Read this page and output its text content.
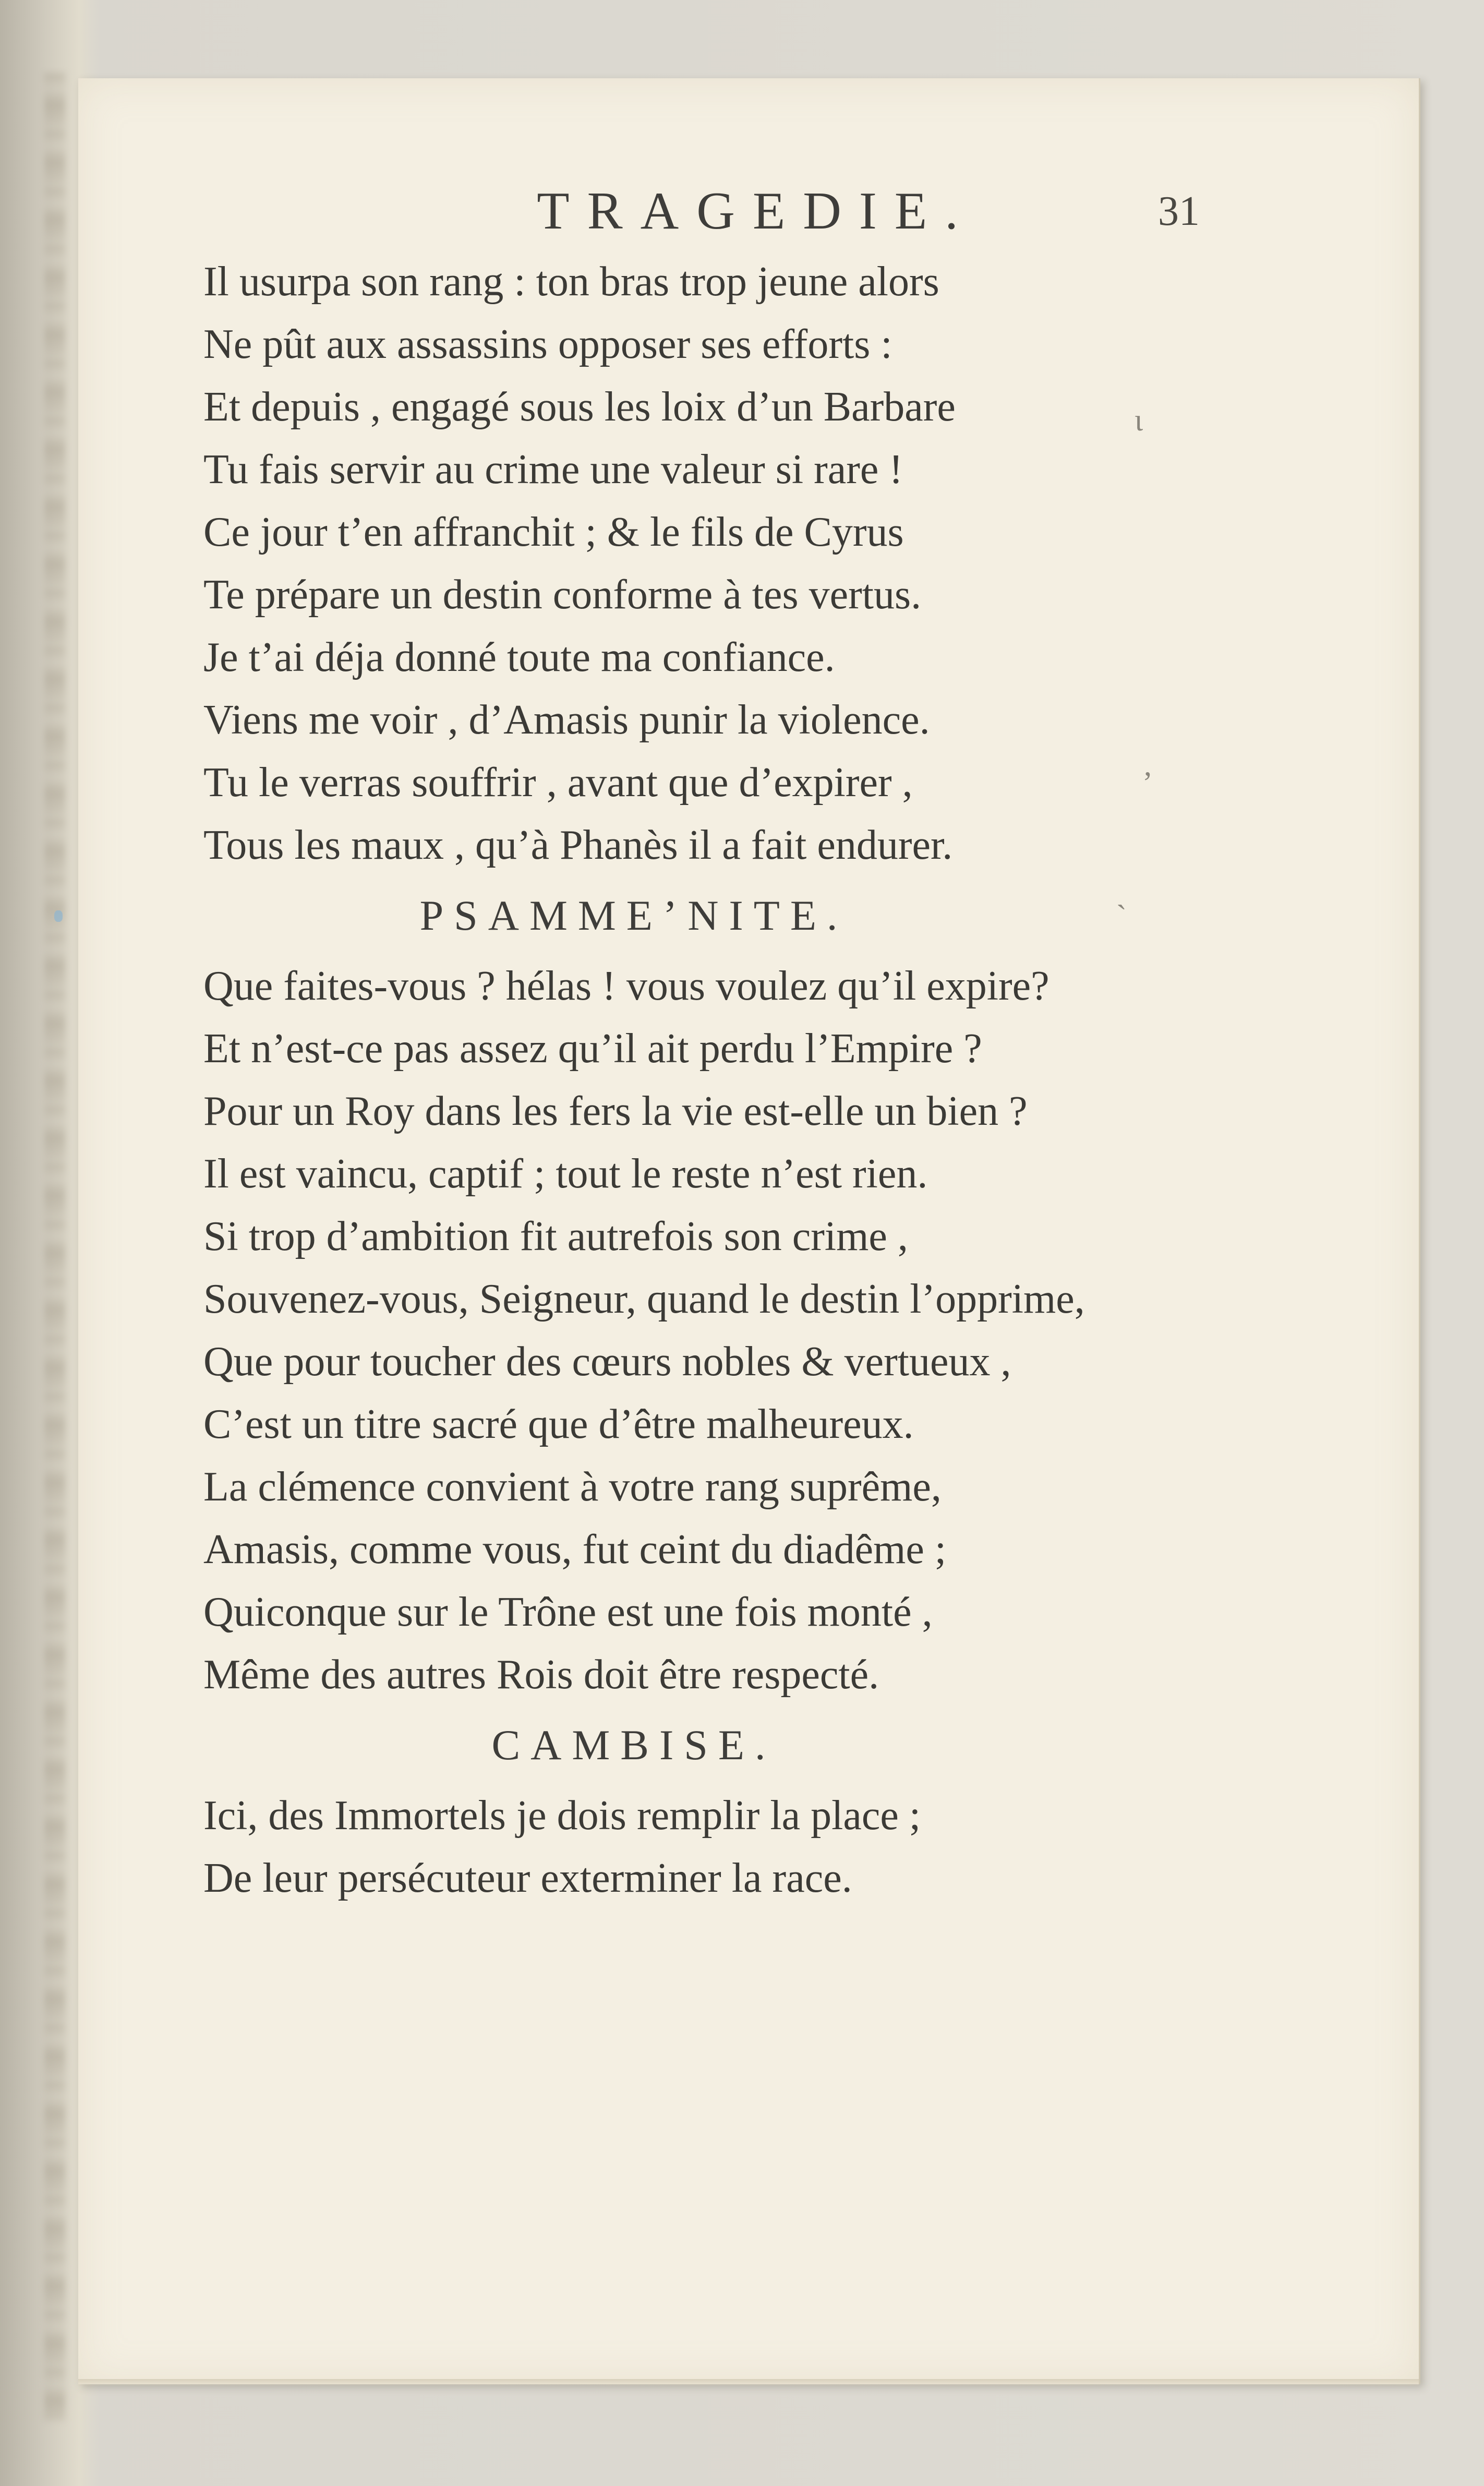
TRAGEDIE.	31
Il usurpa son rang : ton bras trop jeune alors
Ne pût aux assassins opposer ses efforts :
Et depuis , engagé sous les loix d’un Barbare
Tu fais servir au crime une valeur si rare !
Ce jour t’en affranchit ; & le fils de Cyrus
Te prépare un destin conforme à tes vertus.
Je t’ai déja donné toute ma confiance.
Viens me voir , d’Amasis punir la violence.
Tu le verras souffrir , avant que d’expirer ,
Tous les maux , qu’à Phanès il a fait endurer.
PSAMME’NITE.
Que faites-vous ? hélas ! vous voulez qu’il expire?
Et n’est-ce pas assez qu’il ait perdu l’Empire ?
Pour un Roy dans les fers la vie est-elle un bien ?
Il est vaincu, captif ; tout le reste n’est rien.
Si trop d’ambition fit autrefois son crime ,
Souvenez-vous, Seigneur, quand le destin l’opprime,
Que pour toucher des cœurs nobles & vertueux ,
C’est un titre sacré que d’être malheureux.
La clémence convient à votre rang suprême,
Amasis, comme vous, fut ceint du diadême ;
Quiconque sur le Trône est une fois monté ,
Même des autres Rois doit être respecté.
CAMBISE.
Ici, des Immortels je dois remplir la place ;
De leur persécuteur exterminer la race.
ɩ
ʼ
ˎ
